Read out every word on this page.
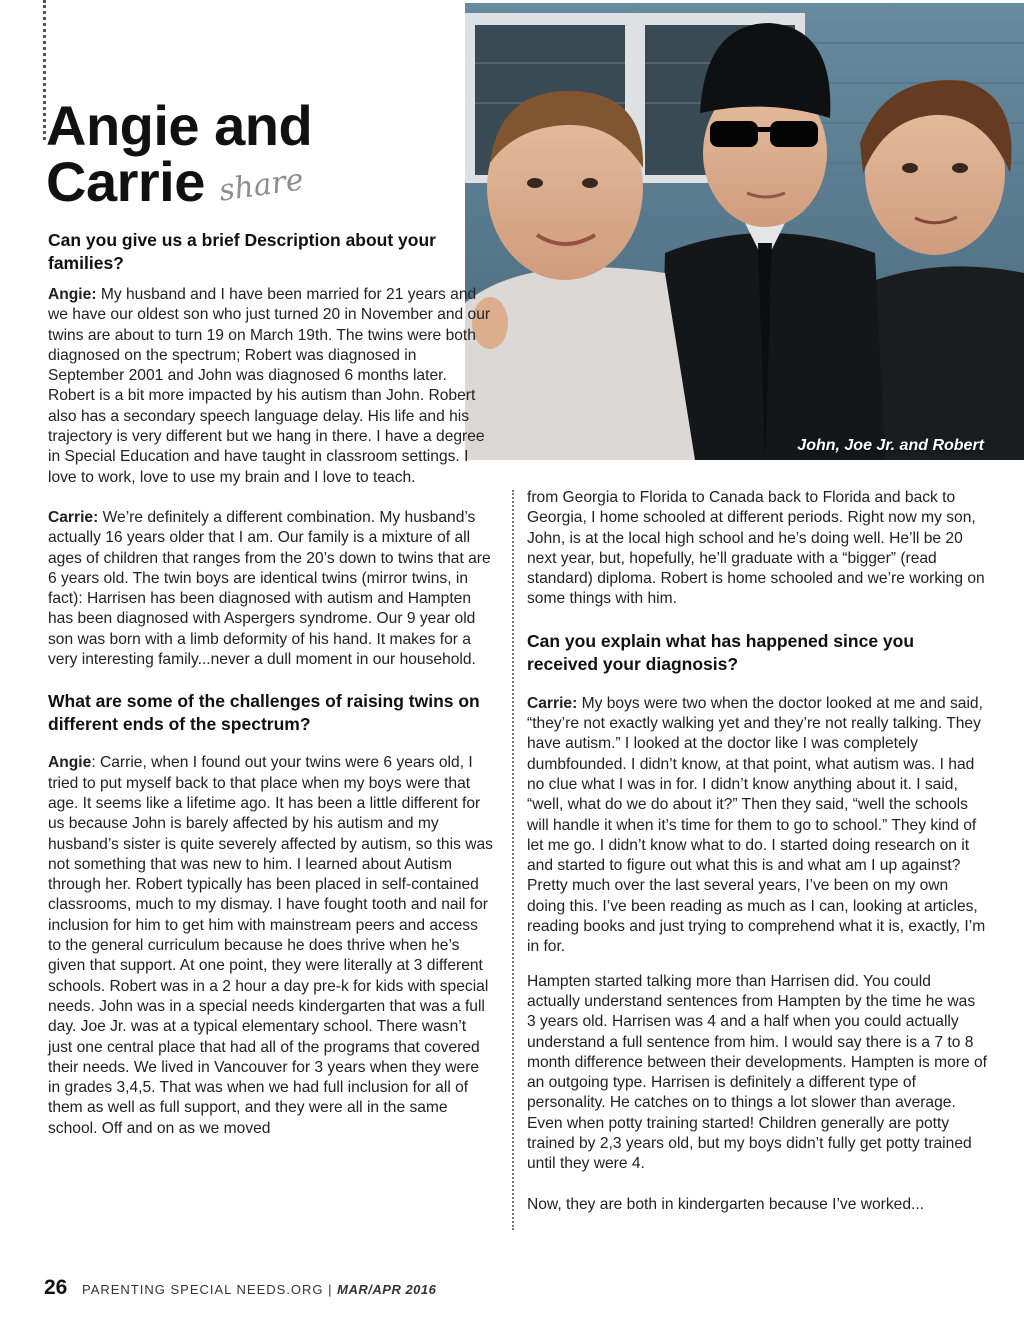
Angie and
Carrie share
John, Joe Jr. and Robert

Can you give us a brief Description about your families?

Angie: My husband and I have been married for 21 years and we have our oldest son who just turned 20 in November and our twins are about to turn 19 on March 19th. The twins were both diagnosed on the spectrum; Robert was diagnosed in September 2001 and John was diagnosed 6 months later. Robert is a bit more impacted by his autism than John. Robert also has a secondary speech language delay. His life and his trajectory is very different but we hang in there. I have a degree in Special Education and have taught in classroom settings. I love to work, love to use my brain and I love to teach.

Carrie: We’re definitely a different combination. My husband’s actually 16 years older that I am. Our family is a mixture of all ages of children that ranges from the 20’s down to twins that are 6 years old. The twin boys are identical twins (mirror twins, in fact): Harrisen has been diagnosed with autism and Hampten has been diagnosed with Aspergers syndrome. Our 9 year old son was born with a limb deformity of his hand. It makes for a very interesting family...never a dull moment in our household.

What are some of the challenges of raising twins on different ends of the spectrum?

Angie: Carrie, when I found out your twins were 6 years old, I tried to put myself back to that place when my boys were that age. It seems like a lifetime ago. It has been a little different for us because John is barely affected by his autism and my husband’s sister is quite severely affected by autism, so this was not something that was new to him. I learned about Autism through her. Robert typically has been placed in self-contained classrooms, much to my dismay. I have fought tooth and nail for inclusion for him to get him with mainstream peers and access to the general curriculum because he does thrive when he’s given that support. At one point, they were literally at 3 different schools. Robert was in a 2 hour a day pre-k for kids with special needs. John was in a special needs kindergarten that was a full day. Joe Jr. was at a typical elementary school. There wasn’t just one central place that had all of the programs that covered their needs. We lived in Vancouver for 3 years when they were in grades 3,4,5. That was when we had full inclusion for all of them as well as full support, and they were all in the same school. Off and on as we moved

from Georgia to Florida to Canada back to Florida and back to Georgia, I home schooled at different periods. Right now my son, John, is at the local high school and he’s doing well. He’ll be 20 next year, but, hopefully, he’ll graduate with a “bigger” (read standard) diploma. Robert is home schooled and we’re working on some things with him.

Can you explain what has happened since you received your diagnosis?

Carrie: My boys were two when the doctor looked at me and said, “they’re not exactly walking yet and they’re not really talking. They have autism.” I looked at the doctor like I was completely dumbfounded. I didn’t know, at that point, what autism was. I had no clue what I was in for. I didn’t know anything about it. I said, “well, what do we do about it?” Then they said, “well the schools will handle it when it’s time for them to go to school.” They kind of let me go. I didn’t know what to do. I started doing research on it and started to figure out what this is and what am I up against? Pretty much over the last several years, I’ve been on my own doing this. I’ve been reading as much as I can, looking at articles, reading books and just trying to comprehend what it is, exactly, I’m in for.

Hampten started talking more than Harrisen did. You could actually understand sentences from Hampten by the time he was 3 years old. Harrisen was 4 and a half when you could actually understand a full sentence from him. I would say there is a 7 to 8 month difference between their developments. Hampten is more of an outgoing type. Harrisen is definitely a different type of personality. He catches on to things a lot slower than average. Even when potty training started! Children generally are potty trained by 2,3 years old, but my boys didn’t fully get potty trained until they were 4.

Now, they are both in kindergarten because I’ve worked...

26 PARENTING SPECIAL NEEDS.ORG | MAR/APR 2016
